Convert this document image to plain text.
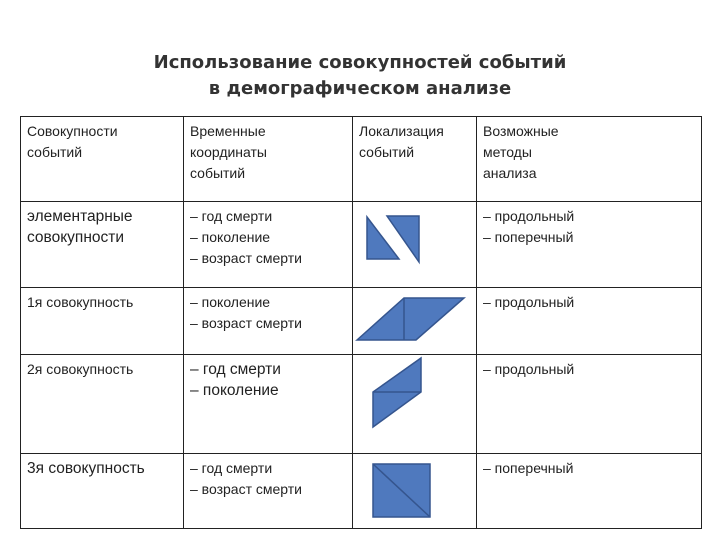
Использование совокупностей событий
в демографическом анализе
Совокупности
событий	Временные
координаты
событий	Локализация
событий	Возможные
методы
анализа

элементарные
совокупности	– год смерти
– поколение
– возраст смерти		– продольный
– поперечный

1я совокупность	– поколение
– возраст смерти		– продольный

2я совокупность	– год смерти
– поколение		– продольный

3я совокупность	– год смерти
– возраст смерти		– поперечный
